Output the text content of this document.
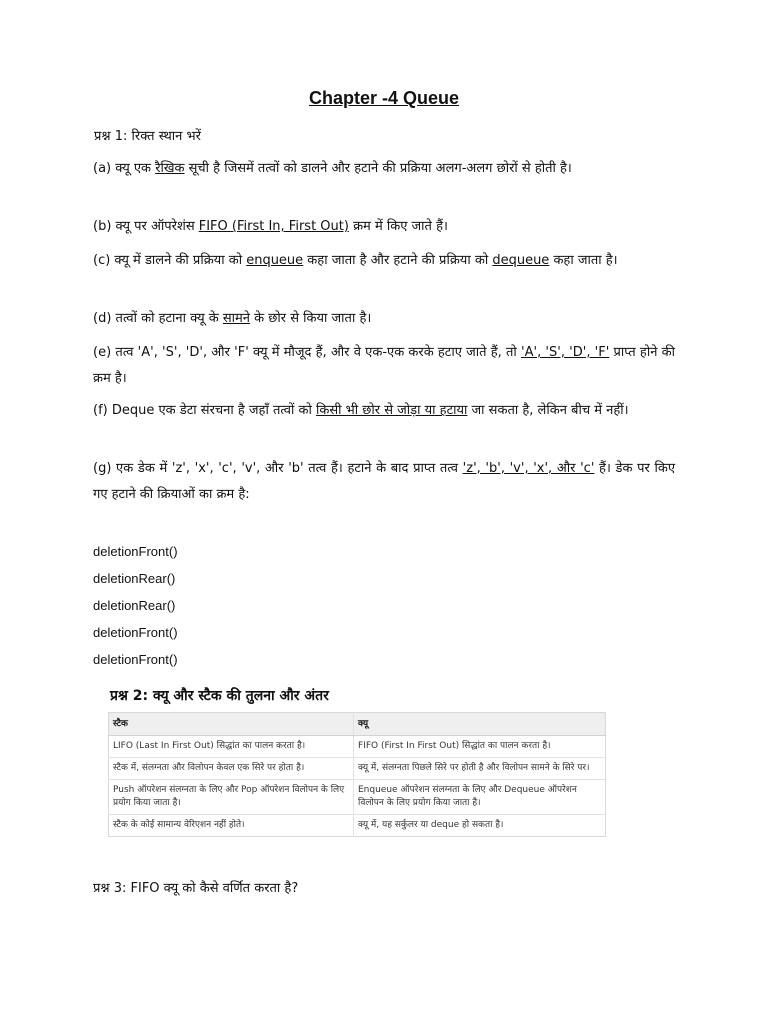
Chapter -4 Queue
प्रश्न 1: रिक्त स्थान भरें
(a) क्यू एक रैखिक सूची है जिसमें तत्वों को डालने और हटाने की प्रक्रिया अलग-अलग छोरों से होती है।
(b) क्यू पर ऑपरेशंस FIFO (First In, First Out) क्रम में किए जाते हैं।
(c) क्यू में डालने की प्रक्रिया को enqueue कहा जाता है और हटाने की प्रक्रिया को dequeue कहा जाता है।
(d) तत्वों को हटाना क्यू के सामने के छोर से किया जाता है।
(e) तत्व 'A', 'S', 'D', और 'F' क्यू में मौजूद हैं, और वे एक-एक करके हटाए जाते हैं, तो 'A', 'S', 'D', 'F' प्राप्त होने की क्रम है।
(f) Deque एक डेटा संरचना है जहाँ तत्वों को किसी भी छोर से जोड़ा या हटाया जा सकता है, लेकिन बीच में नहीं।
(g) एक डेक में 'z', 'x', 'c', 'v', और 'b' तत्व हैं। हटाने के बाद प्राप्त तत्व 'z', 'b', 'v', 'x', और 'c' हैं। डेक पर किए गए हटाने की क्रियाओं का क्रम है:
deletionFront()
deletionRear()
deletionRear()
deletionFront()
deletionFront()
प्रश्न 2: क्यू और स्टैक की तुलना और अंतर
स्टैक	क्यू
LIFO (Last In First Out) सिद्धांत का पालन करता है।	FIFO (First In First Out) सिद्धांत का पालन करता है।
स्टैक में, संलग्नता और विलोपन केवल एक सिरे पर होता है।	क्यू में, संलग्नता पिछले सिरे पर होती है और विलोपन सामने के सिरे पर।
Push ऑपरेशन संलग्नता के लिए और Pop ऑपरेशन विलोपन के लिए प्रयोग किया जाता है।	Enqueue ऑपरेशन संलग्नता के लिए और Dequeue ऑपरेशन विलोपन के लिए प्रयोग किया जाता है।
स्टैक के कोई सामान्य वेरिएशन नहीं होते।	क्यू में, यह सर्कुलर या deque हो सकता है।
प्रश्न 3: FIFO क्यू को कैसे वर्णित करता है?
